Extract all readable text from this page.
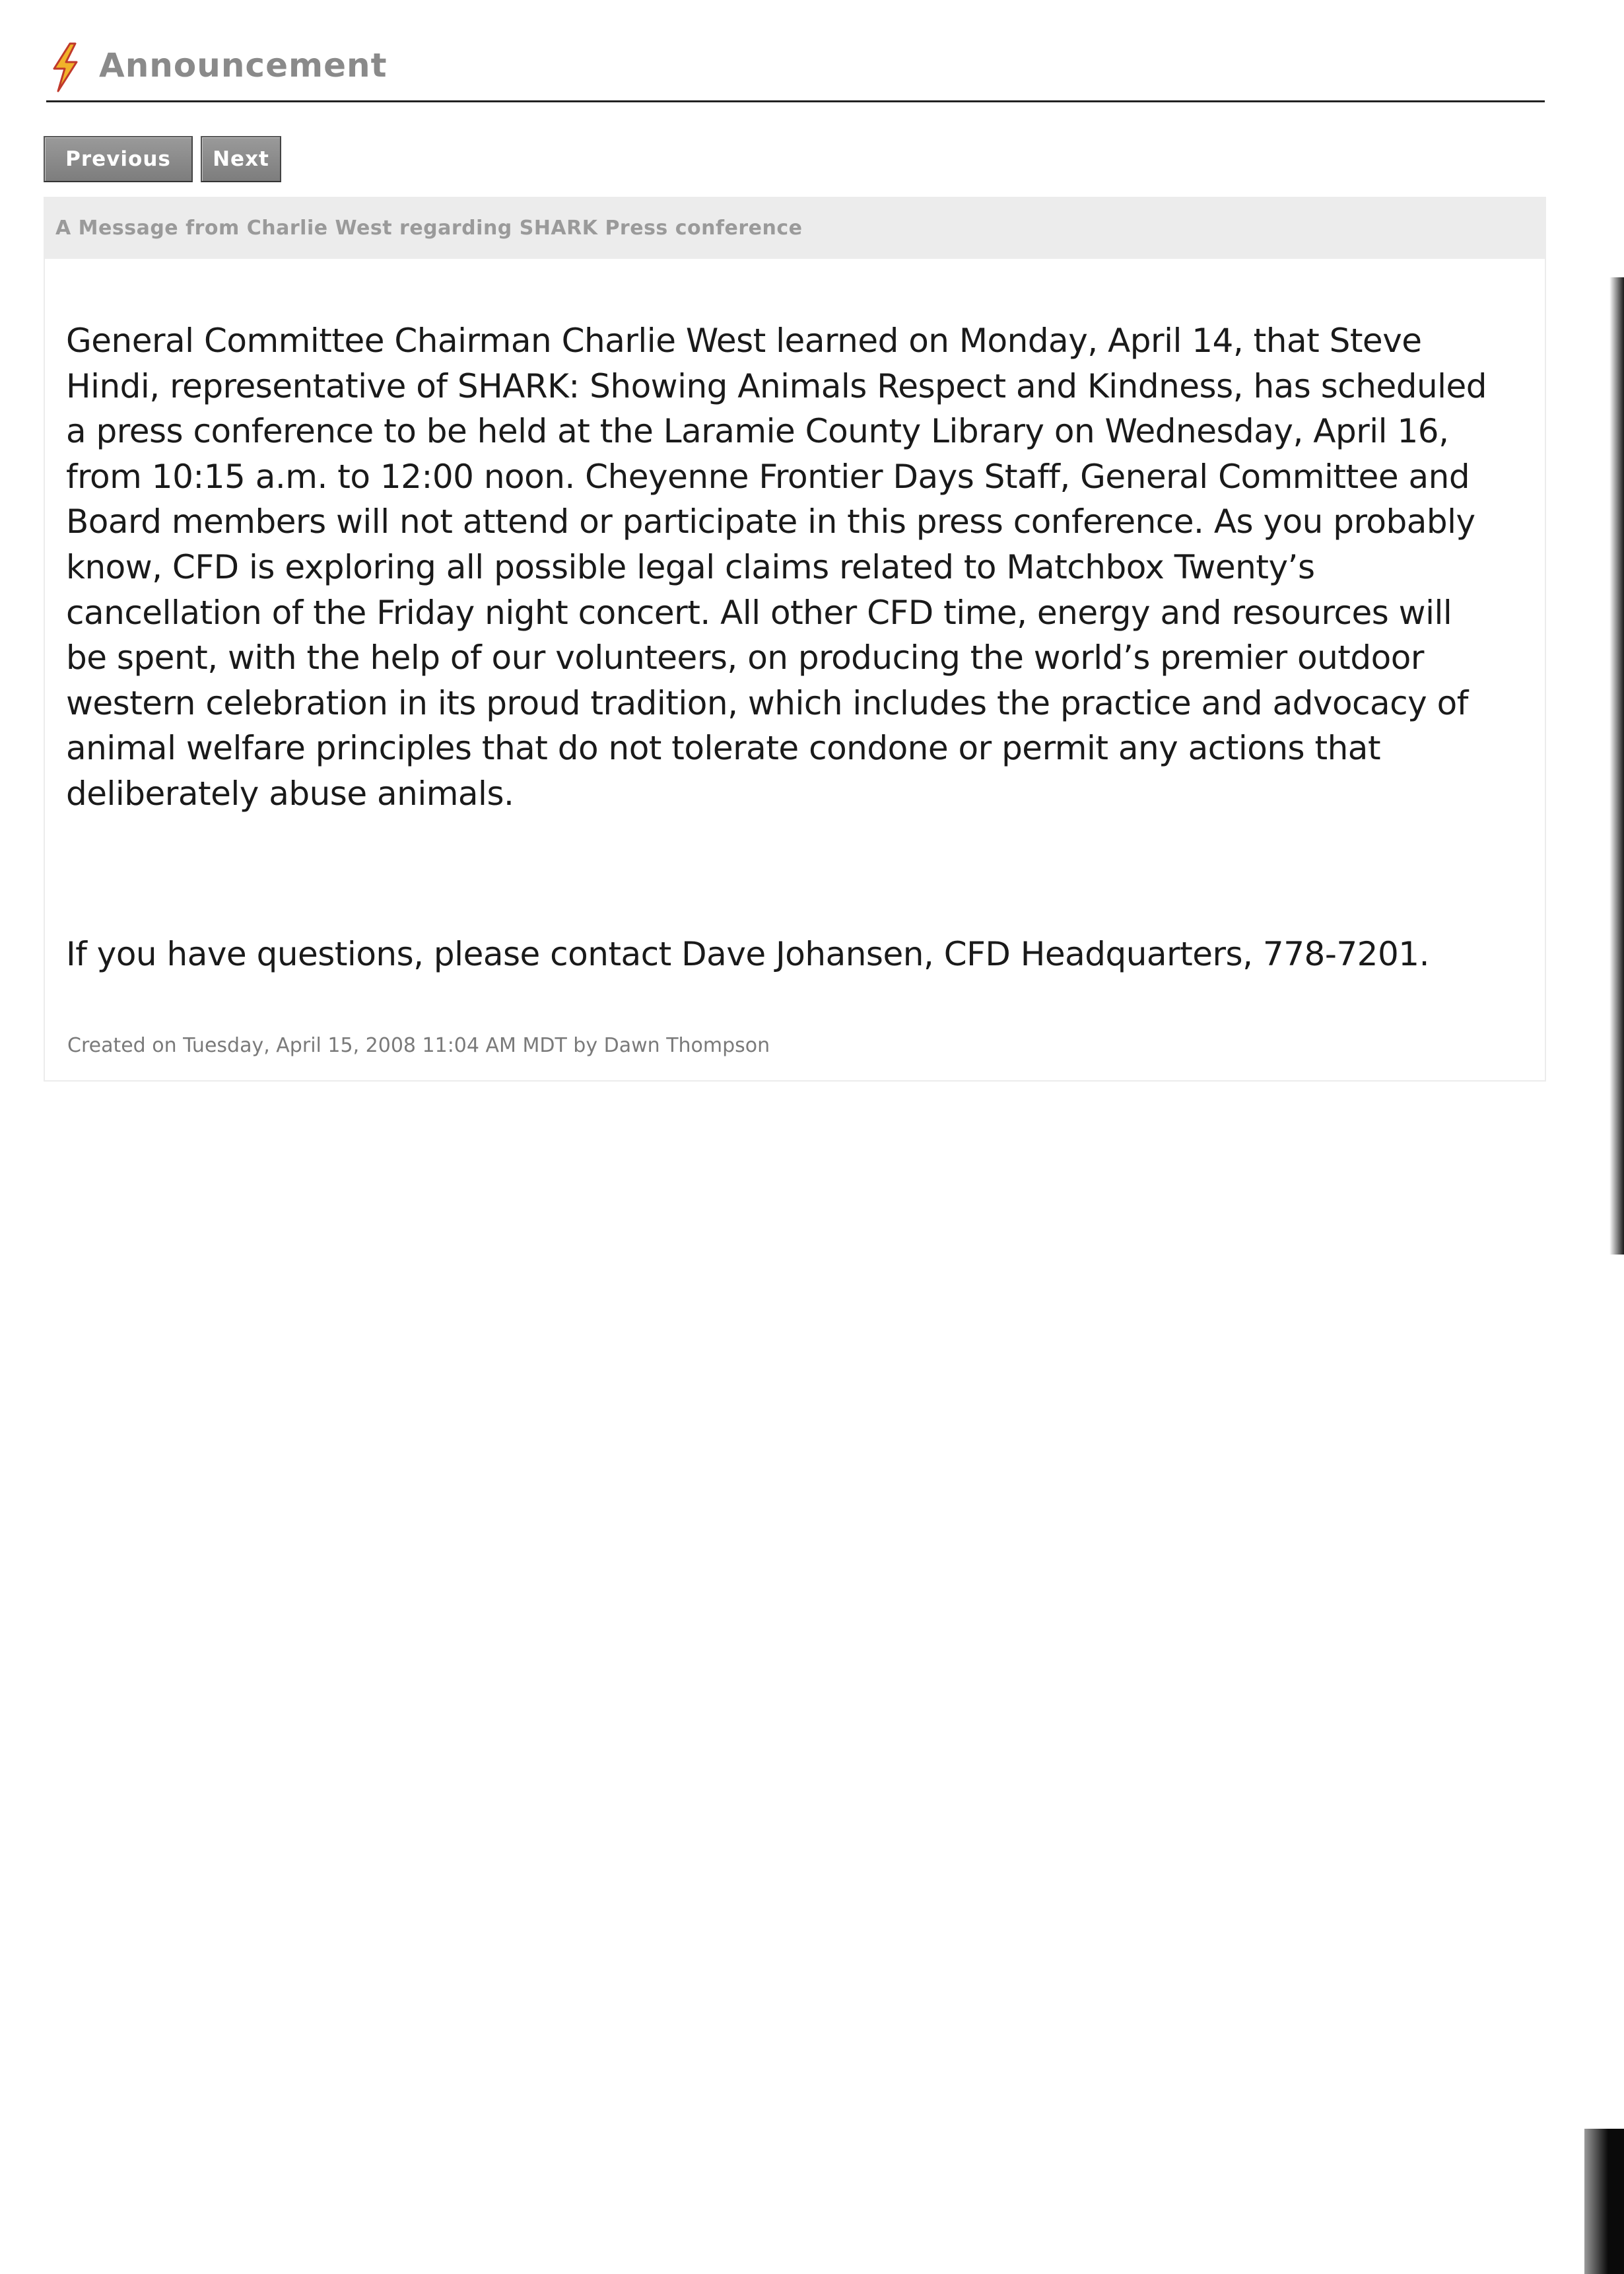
Announcement
Previous	Next
A Message from Charlie West regarding SHARK Press conference

General Committee Chairman Charlie West learned on Monday, April 14, that Steve
Hindi, representative of SHARK: Showing Animals Respect and Kindness, has scheduled
a press conference to be held at the Laramie County Library on Wednesday, April 16,
from 10:15 a.m. to 12:00 noon. Cheyenne Frontier Days Staff, General Committee and
Board members will not attend or participate in this press conference. As you probably
know, CFD is exploring all possible legal claims related to Matchbox Twenty’s
cancellation of the Friday night concert. All other CFD time, energy and resources will
be spent, with the help of our volunteers, on producing the world’s premier outdoor
western celebration in its proud tradition, which includes the practice and advocacy of
animal welfare principles that do not tolerate condone or permit any actions that
deliberately abuse animals.

If you have questions, please contact Dave Johansen, CFD Headquarters, 778-7201.
Created on Tuesday, April 15, 2008 11:04 AM MDT by Dawn Thompson
